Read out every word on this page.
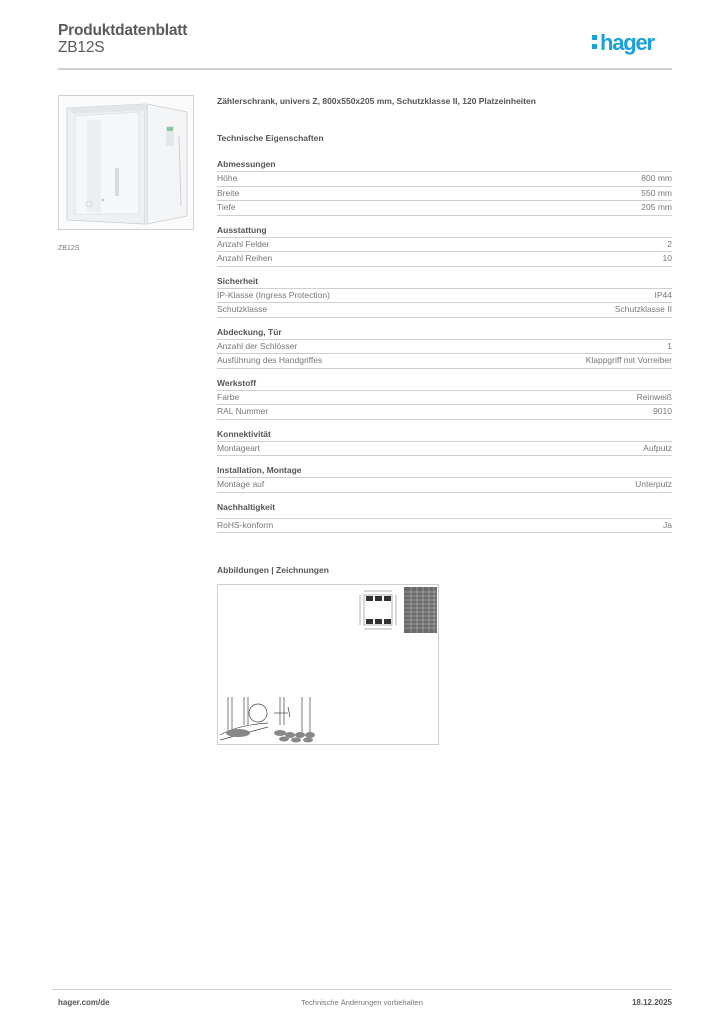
Produktdatenblatt
ZB12S	hager
ZB12S
Zählerschrank, univers Z, 800x550x205 mm, Schutzklasse II, 120 Platzeinheiten
Technische Eigenschaften
Abmessungen
Höhe	800 mm
Breite	550 mm
Tiefe	205 mm
Ausstattung
Anzahl Felder	2
Anzahl Reihen	10
Sicherheit
IP-Klasse (Ingress Protection)	IP44
Schutzklasse	Schutzklasse II
Abdeckung, Tür
Anzahl der Schlösser	1
Ausführung des Handgriffes	Klappgriff mit Vorreiber
Werkstoff
Farbe	Reinweiß
RAL Nummer	9010
Konnektivität
Montageart	Aufputz
Installation, Montage
Montage auf	Unterputz
Nachhaltigkeit
RoHS-konform	Ja
Abbildungen | Zeichnungen
hager.com/de	Technische Änderungen vorbehalten	18.12.2025
